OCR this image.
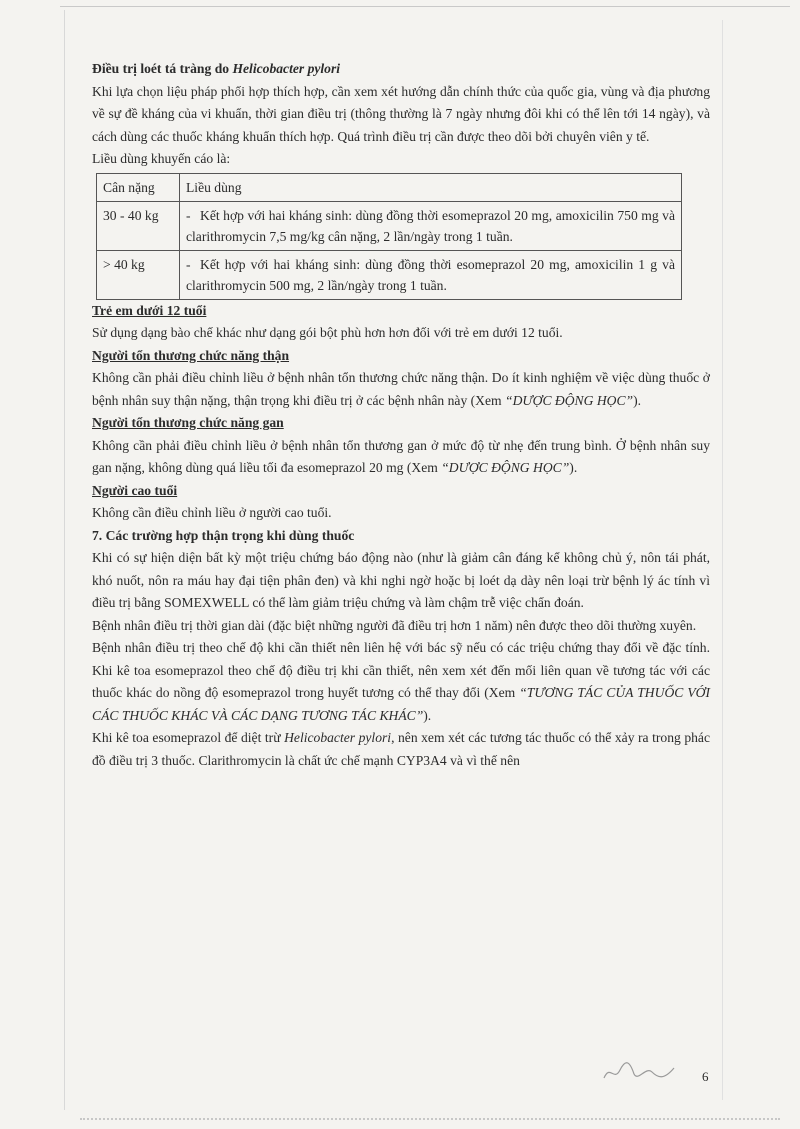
Điều trị loét tá tràng do Helicobacter pylori

Khi lựa chọn liệu pháp phối hợp thích hợp, cần xem xét hướng dẫn chính thức của quốc gia, vùng và địa phương về sự đề kháng của vi khuẩn, thời gian điều trị (thông thường là 7 ngày nhưng đôi khi có thể lên tới 14 ngày), và cách dùng các thuốc kháng khuẩn thích hợp. Quá trình điều trị cần được theo dõi bởi chuyên viên y tế.

Liều dùng khuyến cáo là:

Cân nặng	Liều dùng
30 - 40 kg	- Kết hợp với hai kháng sinh: dùng đồng thời esomeprazol 20 mg, amoxicilin 750 mg và clarithromycin 7,5 mg/kg cân nặng, 2 lần/ngày trong 1 tuần.
> 40 kg	- Kết hợp với hai kháng sinh: dùng đồng thời esomeprazol 20 mg, amoxicilin 1 g và clarithromycin 500 mg, 2 lần/ngày trong 1 tuần.

Trẻ em dưới 12 tuổi

Sử dụng dạng bào chế khác như dạng gói bột phù hơn hơn đối với trẻ em dưới 12 tuổi.

Người tổn thương chức năng thận

Không cần phải điều chỉnh liều ở bệnh nhân tổn thương chức năng thận. Do ít kinh nghiệm về việc dùng thuốc ở bệnh nhân suy thận nặng, thận trọng khi điều trị ở các bệnh nhân này (Xem “DƯỢC ĐỘNG HỌC”).

Người tổn thương chức năng gan

Không cần phải điều chỉnh liều ở bệnh nhân tổn thương gan ở mức độ từ nhẹ đến trung bình. Ở bệnh nhân suy gan nặng, không dùng quá liều tối đa esomeprazol 20 mg (Xem “DƯỢC ĐỘNG HỌC”).

Người cao tuổi

Không cần điều chỉnh liều ở người cao tuổi.

7. Các trường hợp thận trọng khi dùng thuốc

Khi có sự hiện diện bất kỳ một triệu chứng báo động nào (như là giảm cân đáng kể không chủ ý, nôn tái phát, khó nuốt, nôn ra máu hay đại tiện phân đen) và khi nghi ngờ hoặc bị loét dạ dày nên loại trừ bệnh lý ác tính vì điều trị bằng SOMEXWELL có thể làm giảm triệu chứng và làm chậm trễ việc chẩn đoán.

Bệnh nhân điều trị thời gian dài (đặc biệt những người đã điều trị hơn 1 năm) nên được theo dõi thường xuyên.

Bệnh nhân điều trị theo chế độ khi cần thiết nên liên hệ với bác sỹ nếu có các triệu chứng thay đổi về đặc tính. Khi kê toa esomeprazol theo chế độ điều trị khi cần thiết, nên xem xét đến mối liên quan về tương tác với các thuốc khác do nồng độ esomeprazol trong huyết tương có thể thay đổi (Xem “TƯƠNG TÁC CỦA THUỐC VỚI CÁC THUỐC KHÁC VÀ CÁC DẠNG TƯƠNG TÁC KHÁC”).

Khi kê toa esomeprazol để diệt trừ Helicobacter pylori, nên xem xét các tương tác thuốc có thể xảy ra trong phác đồ điều trị 3 thuốc. Clarithromycin là chất ức chế mạnh CYP3A4 và vì thế nên

6
